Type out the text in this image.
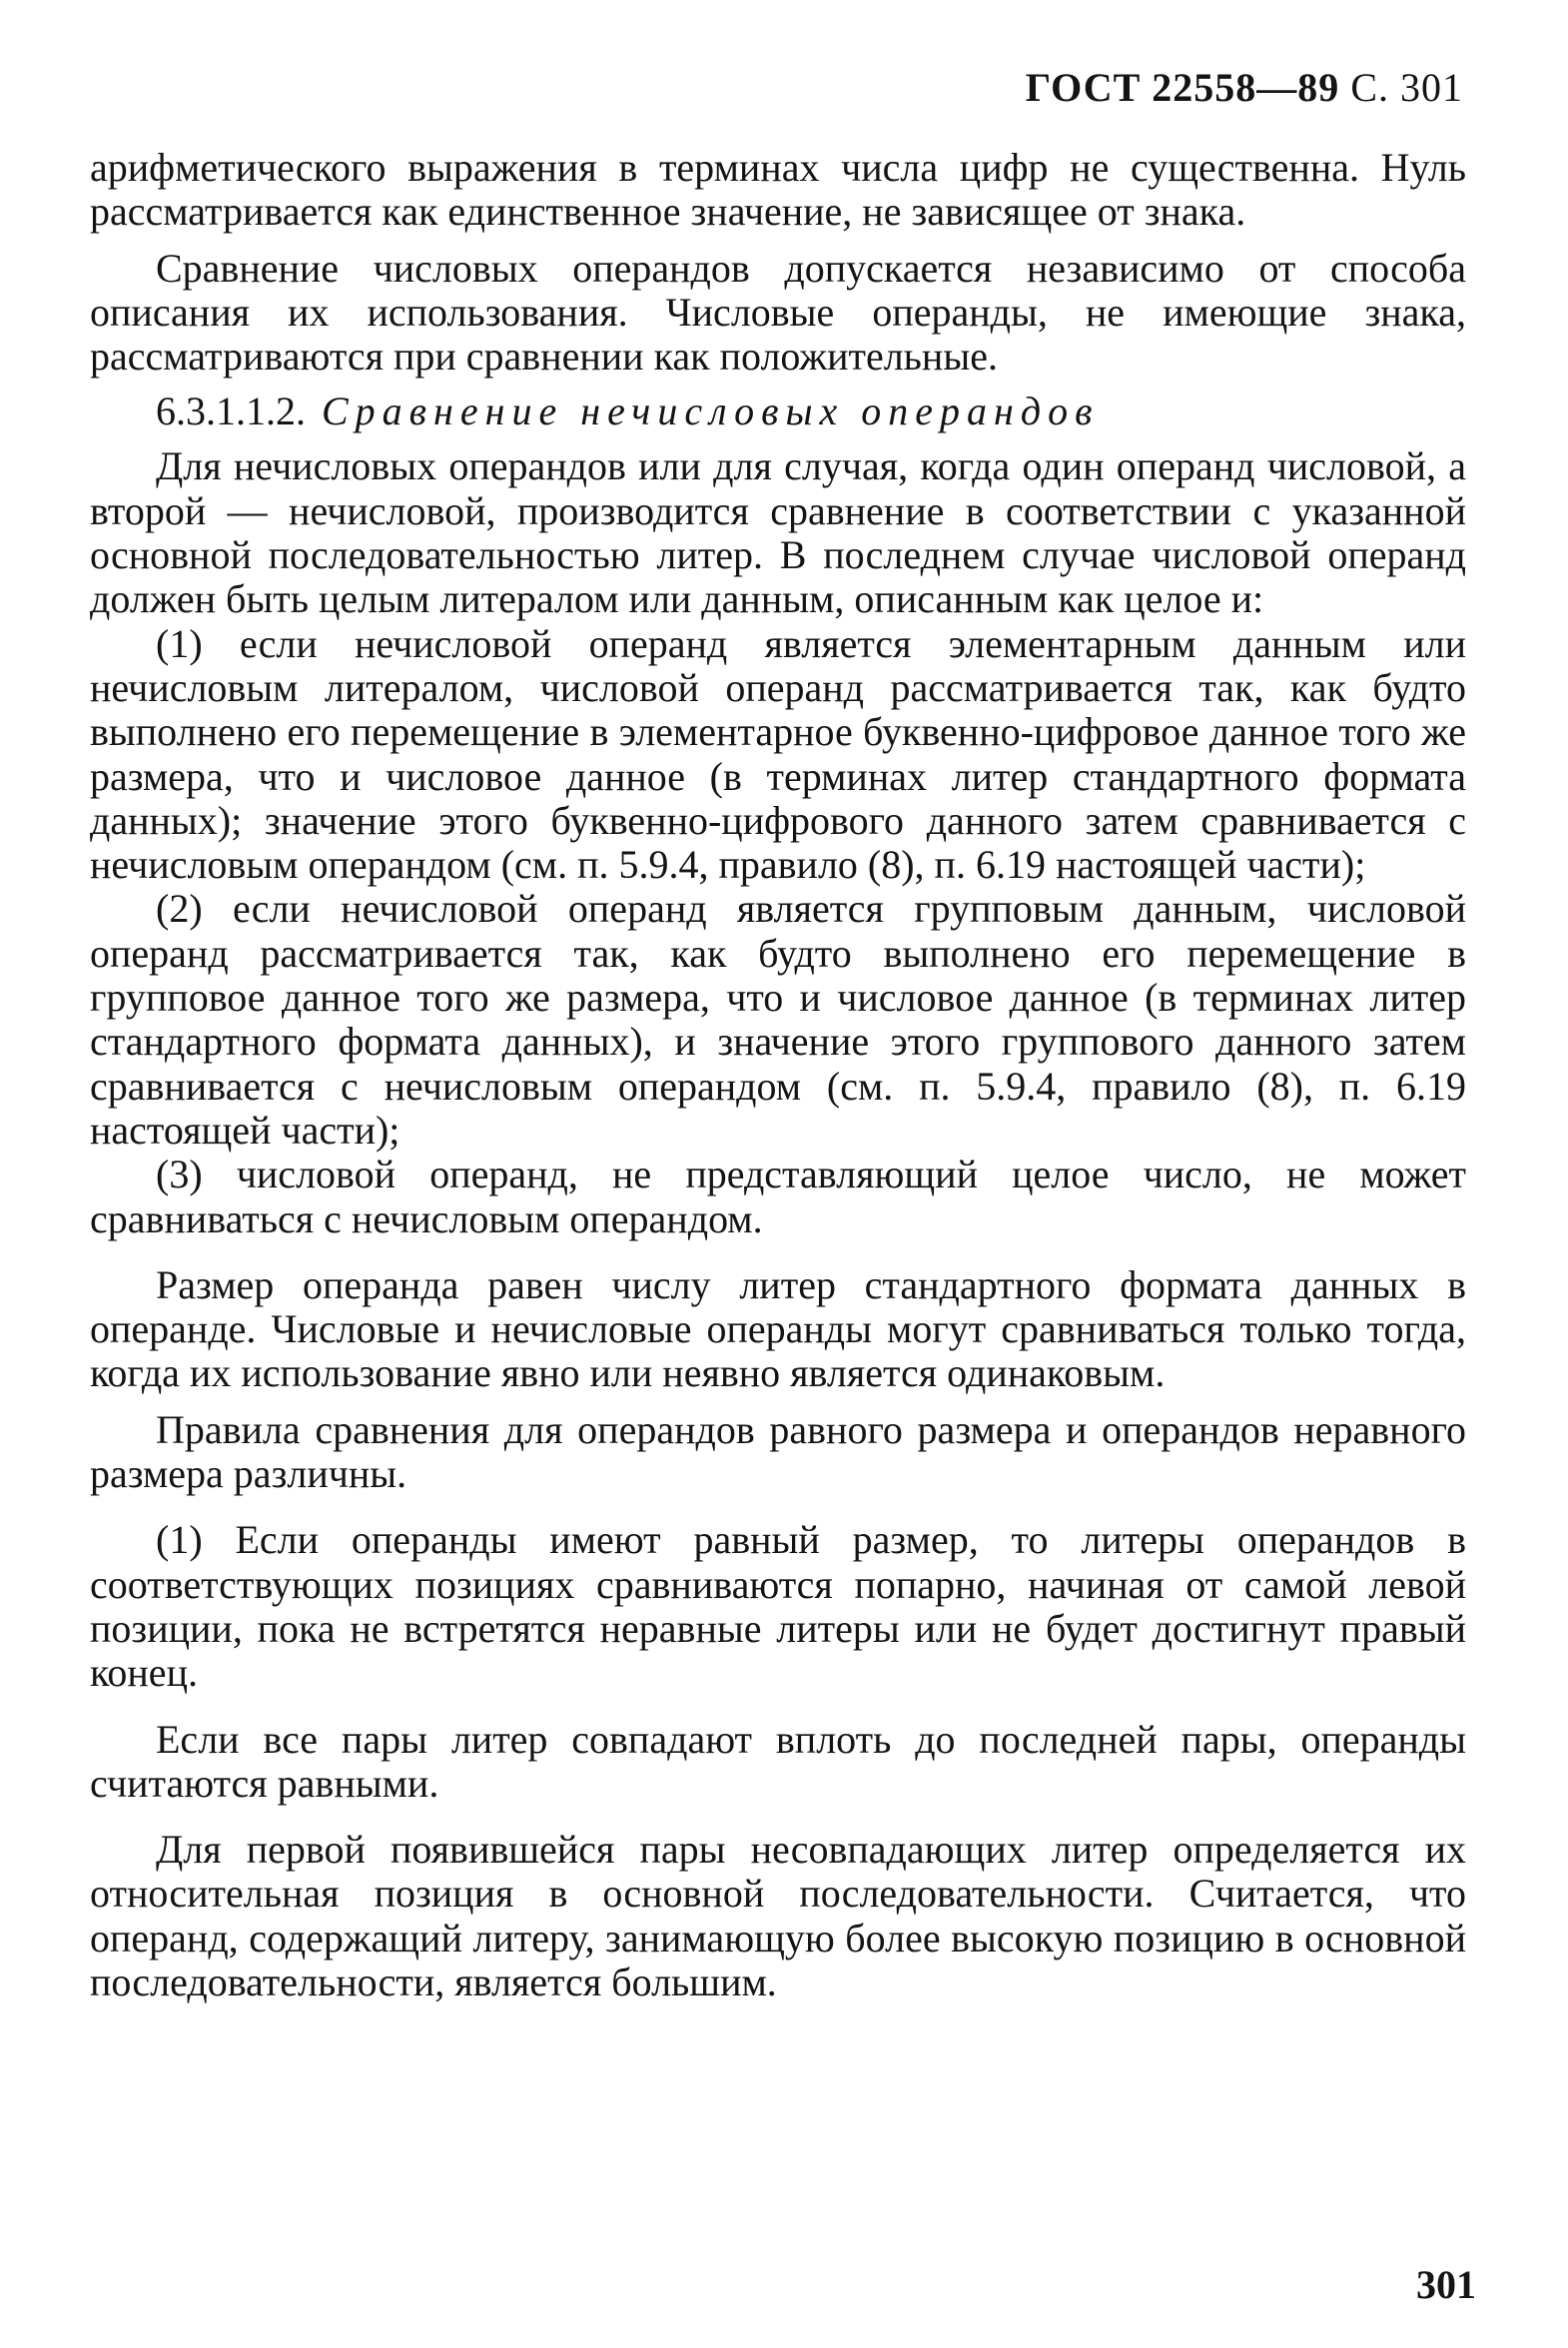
ГОСТ 22558—89 С. 301

арифметического выражения в терминах числа цифр не существенна. Нуль рассматривается как единственное значение, не зависящее от знака.

Сравнение числовых операндов допускается независимо от способа описания их использования. Числовые операнды, не имеющие знака, рассматриваются при сравнении как положительные.

6.3.1.1.2. Сравнение нечисловых операндов

Для нечисловых операндов или для случая, когда один операнд числовой, а второй — нечисловой, производится сравнение в соответствии с указанной основной последовательностью литер. В последнем случае числовой операнд должен быть целым литералом или данным, описанным как целое и:

(1) если нечисловой операнд является элементарным данным или нечисловым литералом, числовой операнд рассматривается так, как будто выполнено его перемещение в элементарное буквенно-цифровое данное того же размера, что и числовое данное (в терминах литер стандартного формата данных); значение этого буквенно-цифрового данного затем сравнивается с нечисловым операндом (см. п. 5.9.4, правило (8), п. 6.19 настоящей части);

(2) если нечисловой операнд является групповым данным, числовой операнд рассматривается так, как будто выполнено его перемещение в групповое данное того же размера, что и числовое данное (в терминах литер стандартного формата данных), и значение этого группового данного затем сравнивается с нечисловым операндом (см. п. 5.9.4, правило (8), п. 6.19 настоящей части);

(3) числовой операнд, не представляющий целое число, не может сравниваться с нечисловым операндом.

Размер операнда равен числу литер стандартного формата данных в операнде. Числовые и нечисловые операнды могут сравниваться только тогда, когда их использование явно или неявно является одинаковым.

Правила сравнения для операндов равного размера и операндов неравного размера различны.

(1) Если операнды имеют равный размер, то литеры операндов в соответствующих позициях сравниваются попарно, начиная от самой левой позиции, пока не встретятся неравные литеры или не будет достигнут правый конец.

Если все пары литер совпадают вплоть до последней пары, операнды считаются равными.

Для первой появившейся пары несовпадающих литер определяется их относительная позиция в основной последовательности. Считается, что операнд, содержащий литеру, занимающую более высокую позицию в основной последовательности, является большим.

301
